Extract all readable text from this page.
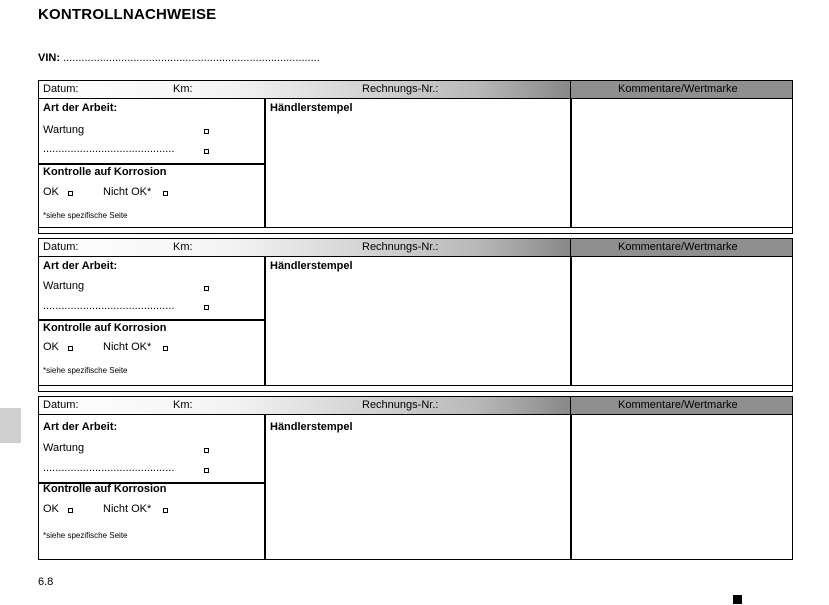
KONTROLLNACHWEISE
VIN: ....................................................................................
Datum:	Km:	Rechnungs-Nr.:	Kommentare/Wertmarke
Art der Arbeit:	Händlerstempel
Wartung
...........................................
Kontrolle auf Korrosion
OK	Nicht OK*
*siehe spezifische Seite
Datum:	Km:	Rechnungs-Nr.:	Kommentare/Wertmarke
Art der Arbeit:	Händlerstempel
Wartung
...........................................
Kontrolle auf Korrosion
OK	Nicht OK*
*siehe spezifische Seite
Datum:	Km:	Rechnungs-Nr.:	Kommentare/Wertmarke
Art der Arbeit:	Händlerstempel
Wartung
...........................................
Kontrolle auf Korrosion
OK	Nicht OK*
*siehe spezifische Seite
6.8
